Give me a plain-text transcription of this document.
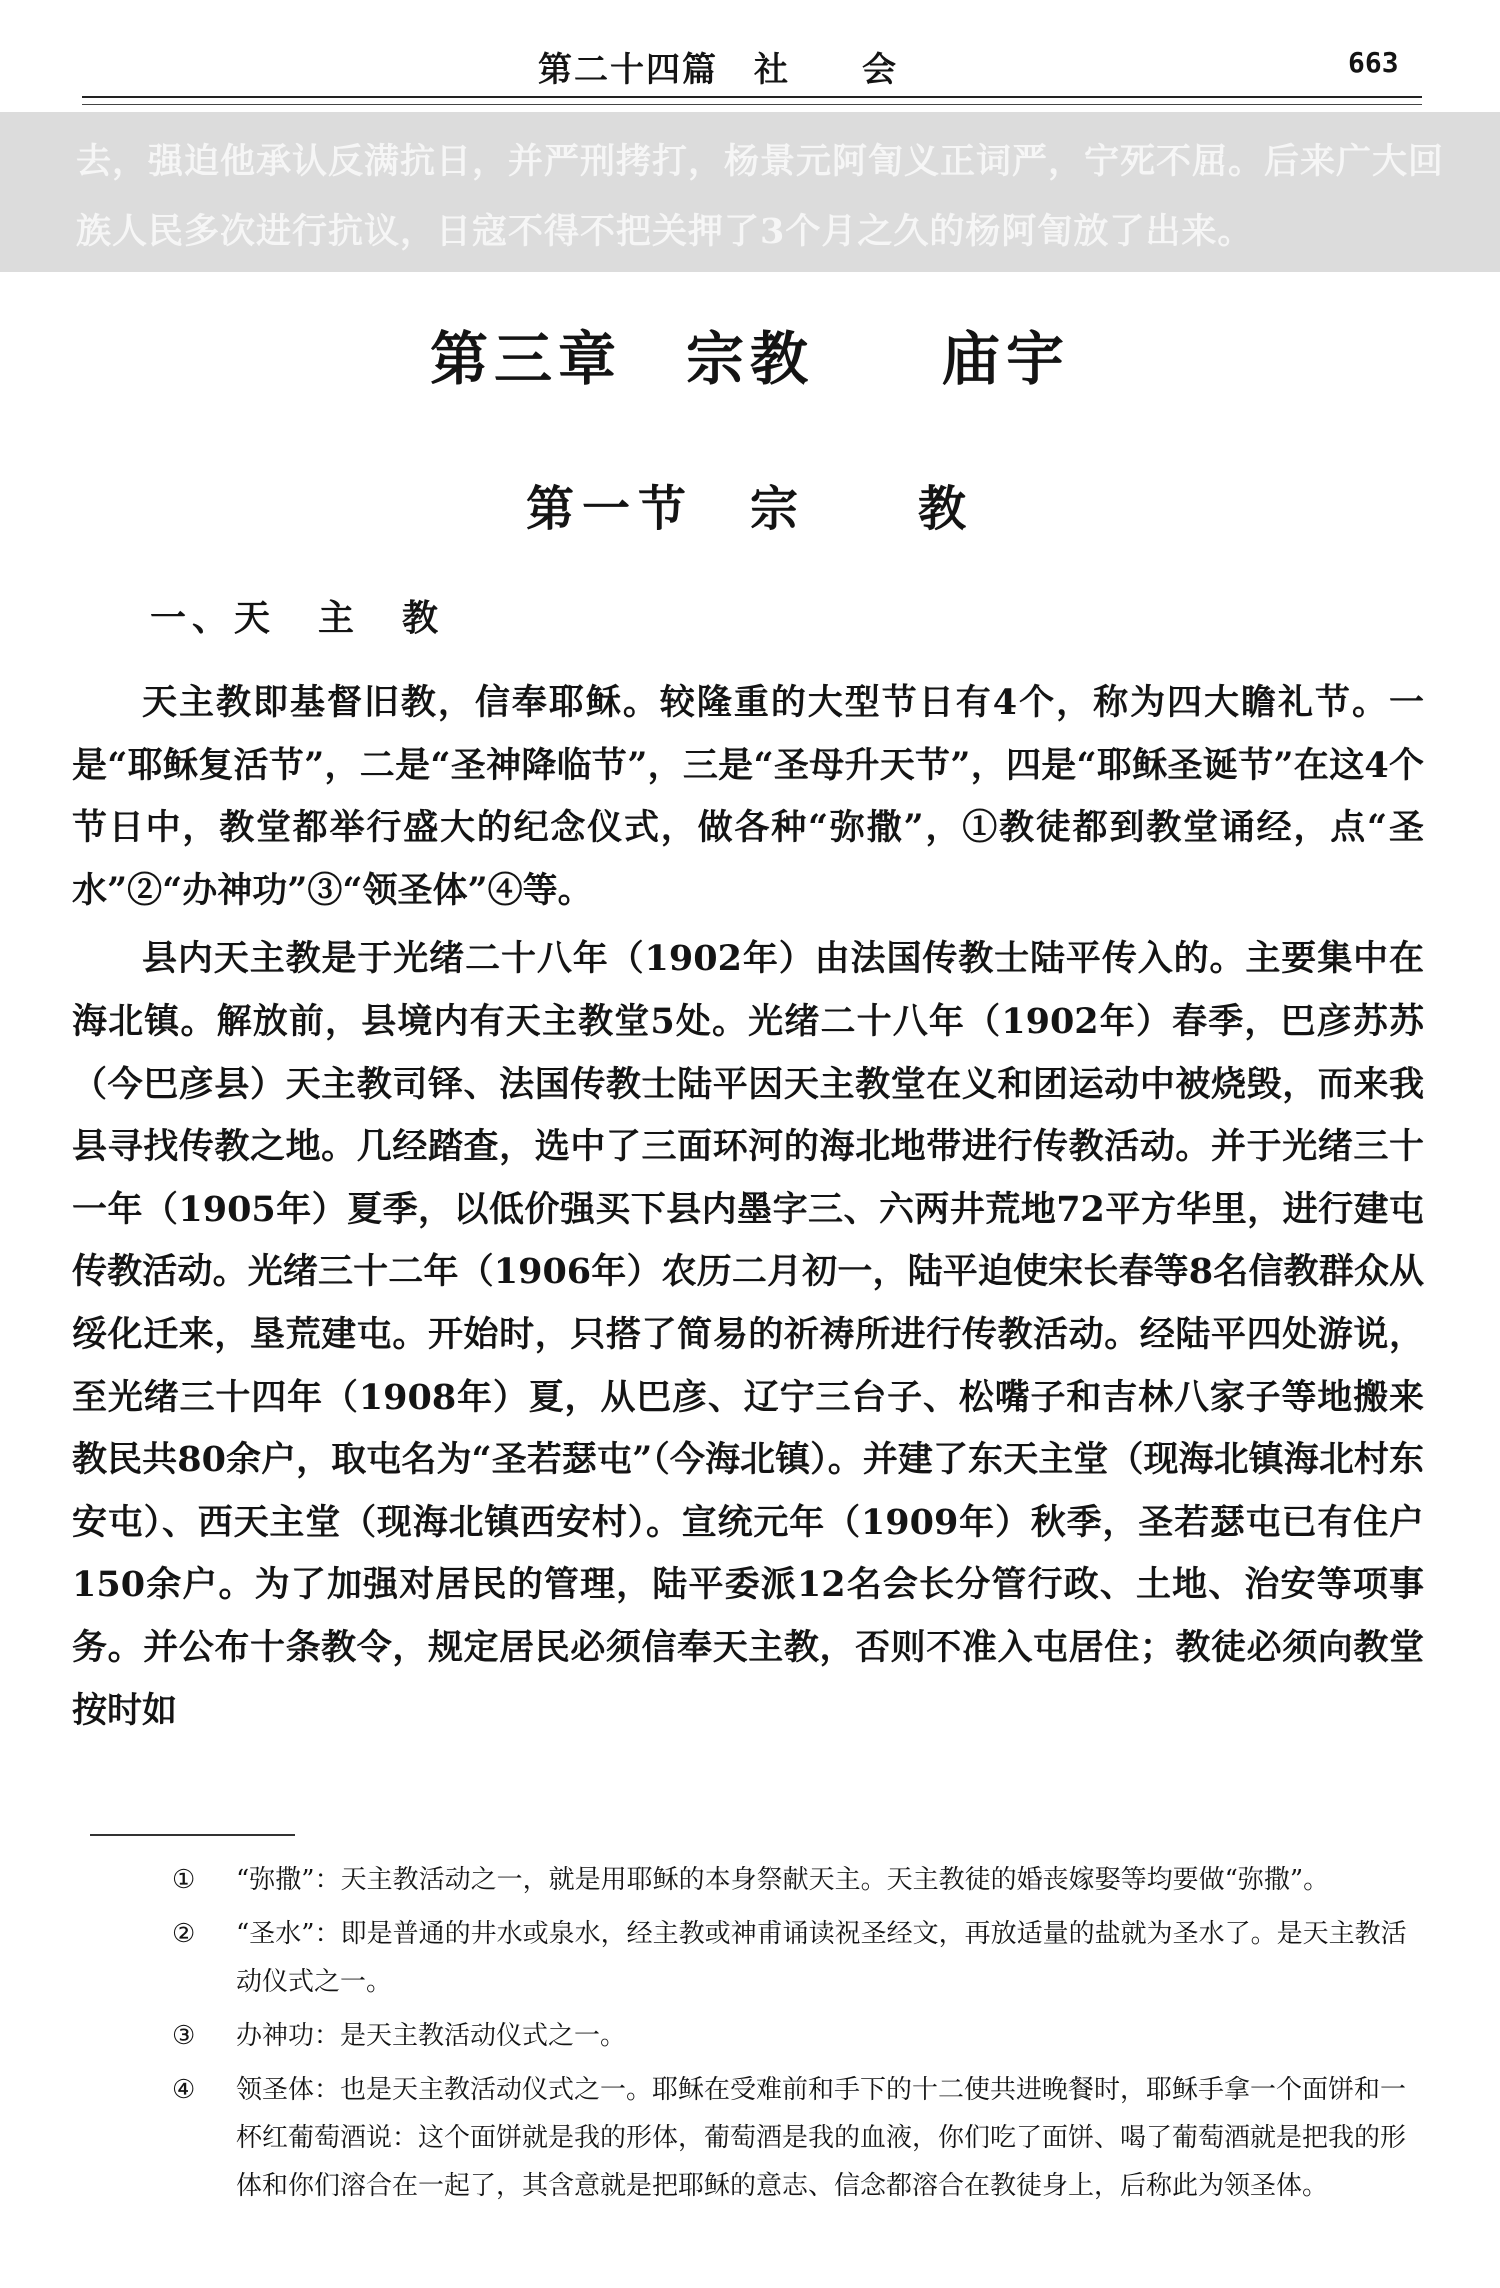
第二十四篇　社　　会	663

去，强迫他承认反满抗日，并严刑拷打，杨景元阿訇义正词严，宁死不屈。后来广大回

族人民多次进行抗议，日寇不得不把关押了3个月之久的杨阿訇放了出来。

第三章　宗教　　庙宇
第一节　宗　　教
一、天　主　教

天主教即基督旧教，信奉耶稣。较隆重的大型节日有4个，称为四大瞻礼节。一是“耶稣复活节”，二是“圣神降临节”，三是“圣母升天节”，四是“耶稣圣诞节”在这4个节日中，教堂都举行盛大的纪念仪式，做各种“弥撒”，①教徒都到教堂诵经，点“圣水”②“办神功”③“领圣体”④等。

县内天主教是于光绪二十八年（1902年）由法国传教士陆平传入的。主要集中在海北镇。解放前，县境内有天主教堂5处。光绪二十八年（1902年）春季，巴彦苏苏（今巴彦县）天主教司铎、法国传教士陆平因天主教堂在义和团运动中被烧毁，而来我县寻找传教之地。几经踏查，选中了三面环河的海北地带进行传教活动。并于光绪三十一年（1905年）夏季，以低价强买下县内墨字三、六两井荒地72平方华里，进行建屯传教活动。光绪三十二年（1906年）农历二月初一，陆平迫使宋长春等8名信教群众从绥化迁来，垦荒建屯。开始时，只搭了简易的祈祷所进行传教活动。经陆平四处游说，至光绪三十四年（1908年）夏，从巴彦、辽宁三台子、松嘴子和吉林八家子等地搬来教民共80余户，取屯名为“圣若瑟屯”（今海北镇）。并建了东天主堂（现海北镇海北村东安屯）、西天主堂（现海北镇西安村）。宣统元年（1909年）秋季，圣若瑟屯已有住户150余户。为了加强对居民的管理，陆平委派12名会长分管行政、土地、治安等项事务。并公布十条教令，规定居民必须信奉天主教，否则不准入屯居住；教徒必须向教堂按时如

① “弥撒”：天主教活动之一，就是用耶稣的本身祭献天主。天主教徒的婚丧嫁娶等均要做“弥撒”。
② “圣水”：即是普通的井水或泉水，经主教或神甫诵读祝圣经文，再放适量的盐就为圣水了。是天主教活动仪式之一。
③ 办神功：是天主教活动仪式之一。
④ 领圣体：也是天主教活动仪式之一。耶稣在受难前和手下的十二使共进晚餐时，耶稣手拿一个面饼和一杯红葡萄酒说：这个面饼就是我的形体，葡萄酒是我的血液，你们吃了面饼、喝了葡萄酒就是把我的形体和你们溶合在一起了，其含意就是把耶稣的意志、信念都溶合在教徒身上，后称此为领圣体。
